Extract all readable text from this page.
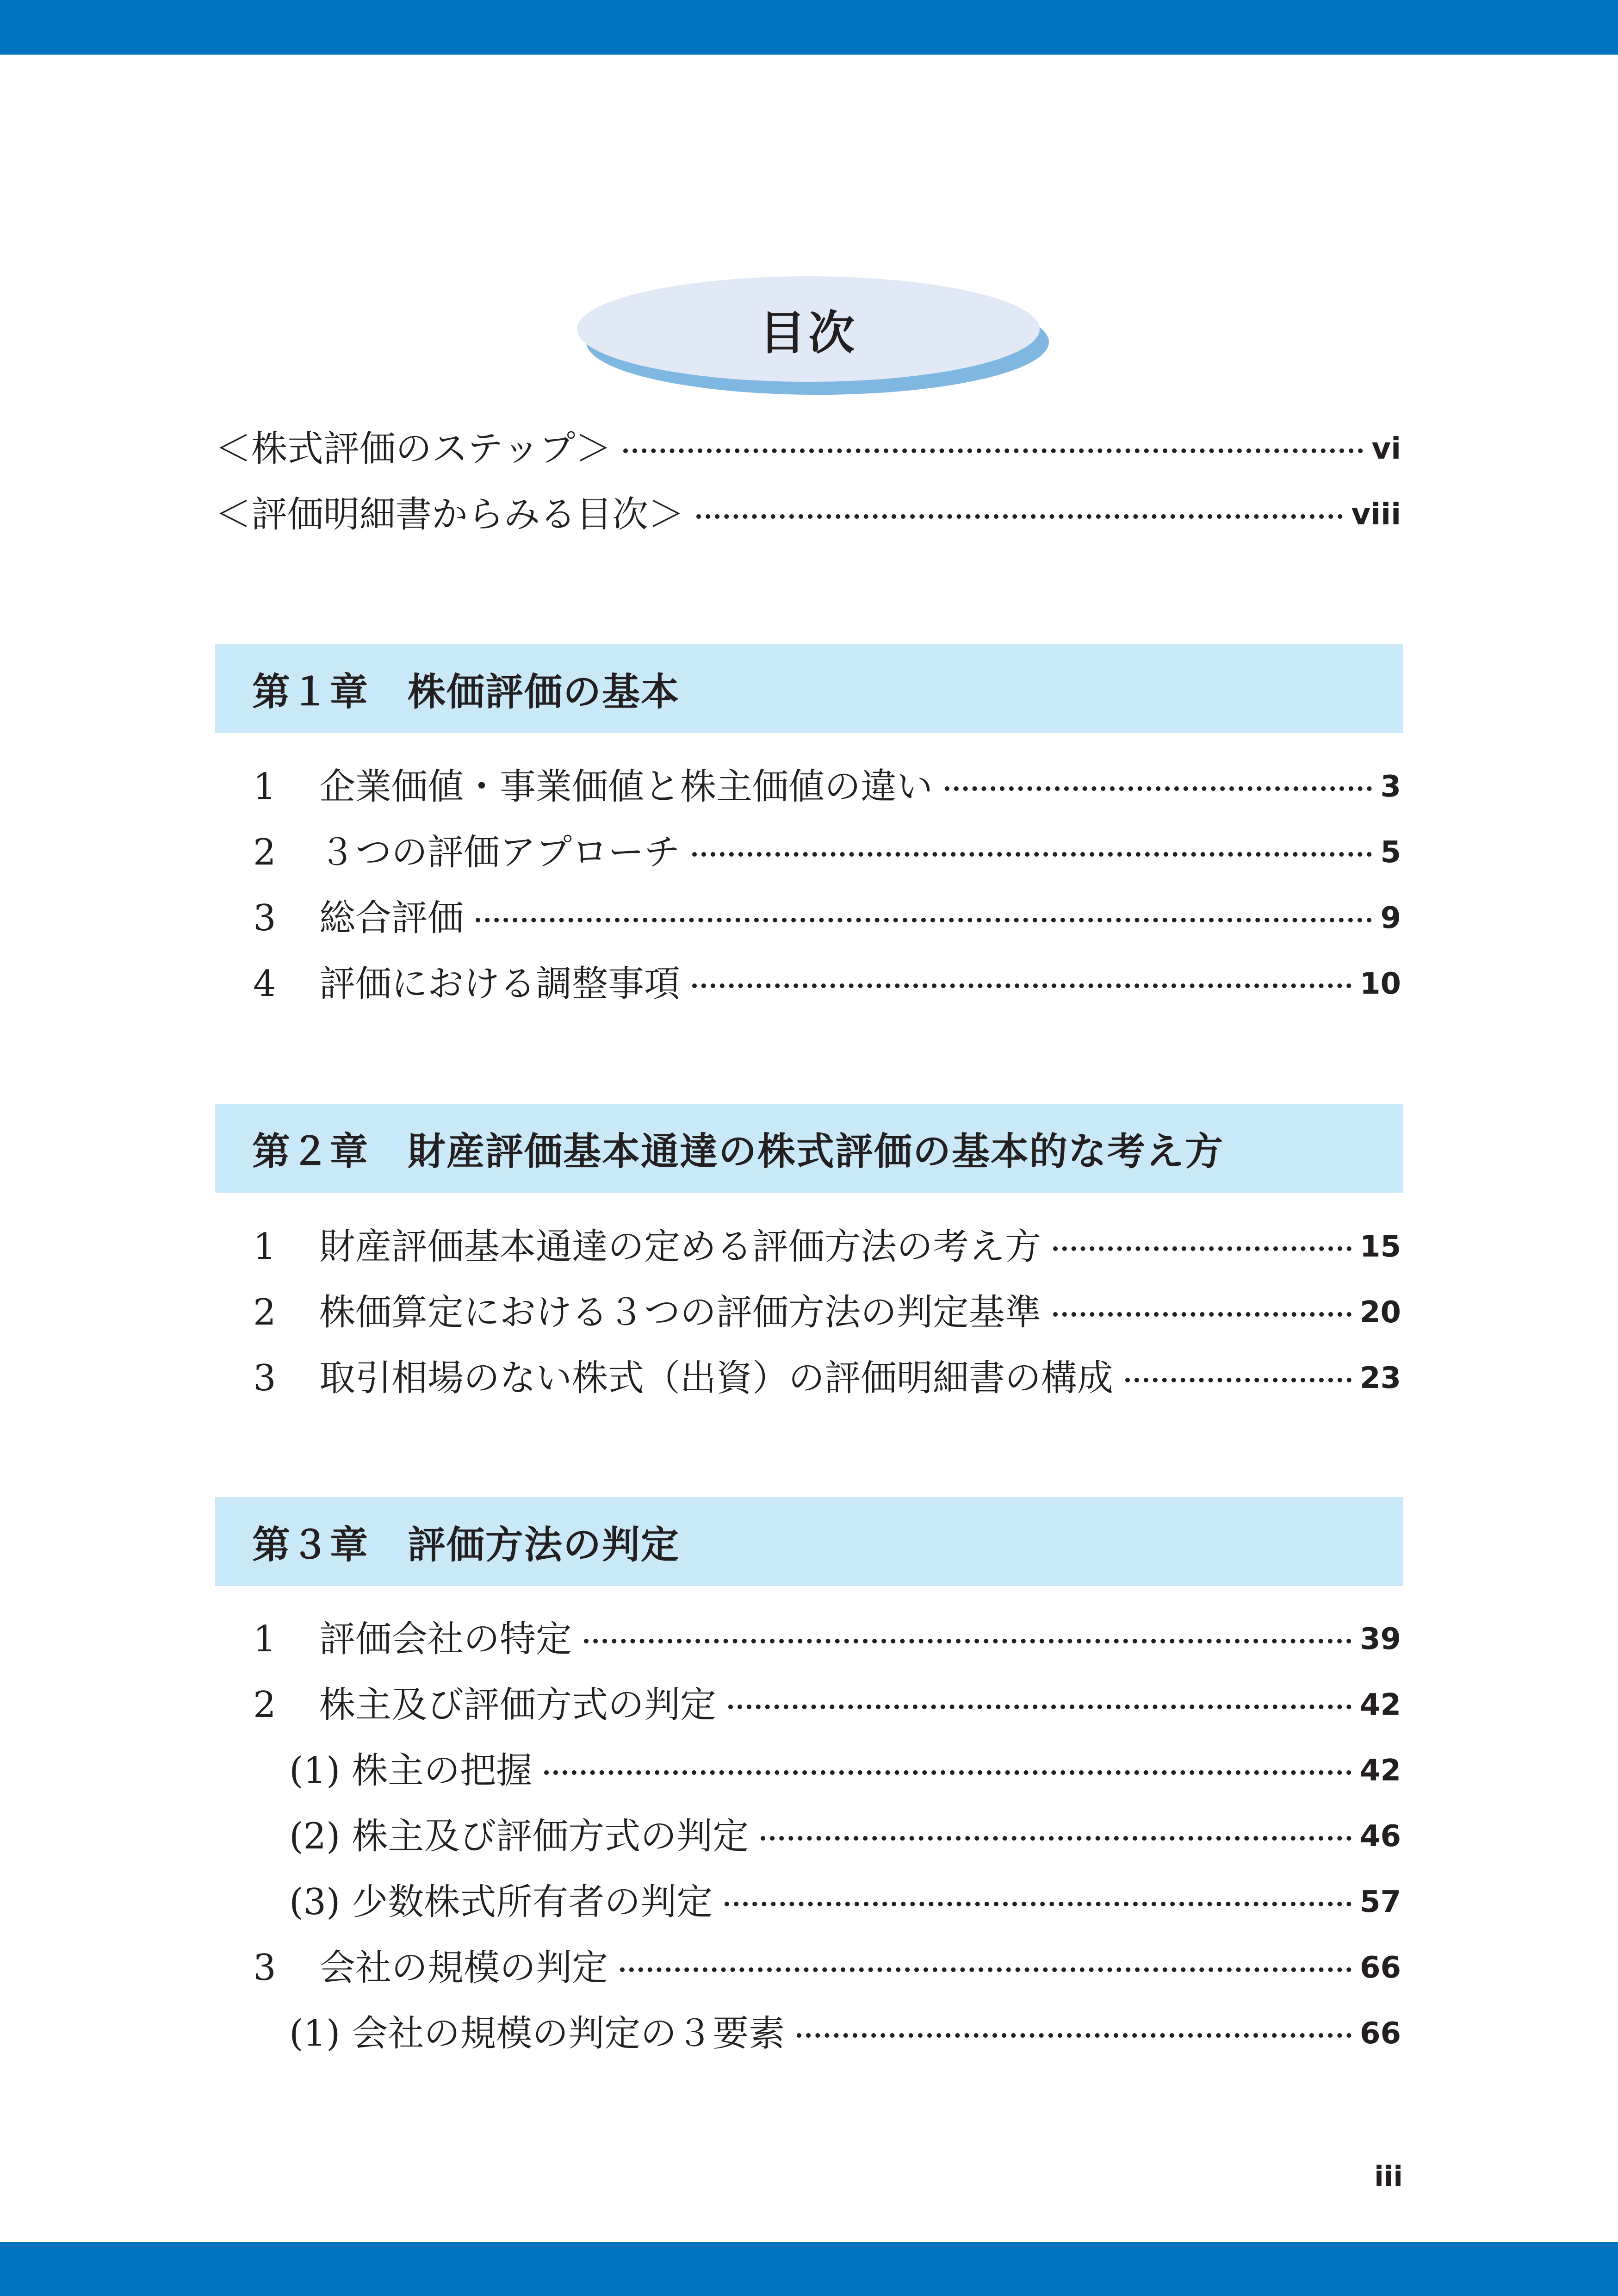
目次
＜株式評価のステップ＞	vi
＜評価明細書からみる目次＞	viii
第１章　株価評価の基本
1 企業価値・事業価値と株主価値の違い	3
2 ３つの評価アプローチ	5
3 総合評価	9
4 評価における調整事項	10
第２章　財産評価基本通達の株式評価の基本的な考え方
1 財産評価基本通達の定める評価方法の考え方	15
2 株価算定における３つの評価方法の判定基準	20
3 取引相場のない株式（出資）の評価明細書の構成	23
第３章　評価方法の判定
1 評価会社の特定	39
2 株主及び評価方式の判定	42
(1) 株主の把握	42
(2) 株主及び評価方式の判定	46
(3) 少数株式所有者の判定	57
3 会社の規模の判定	66
(1) 会社の規模の判定の３要素	66
iii
